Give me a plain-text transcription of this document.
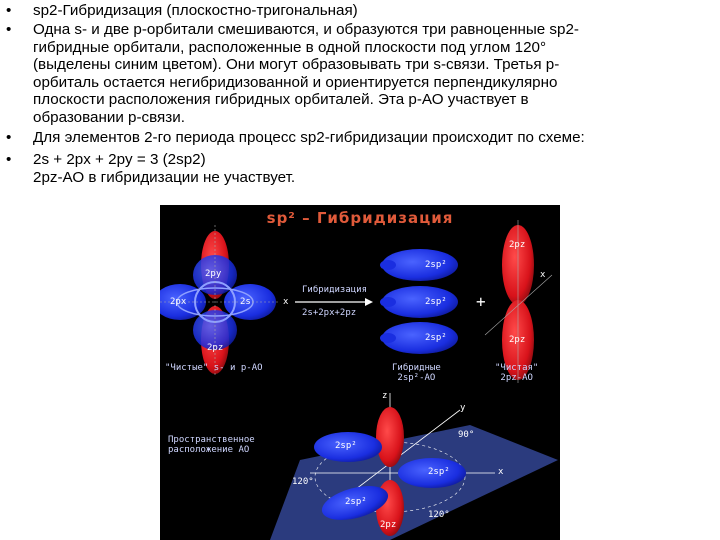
• sp2-Гибридизация (плоскостно-тригональная)
• Одна s- и две p-орбитали смешиваются, и образуются три равноценные sp2-
гибридные орбитали, расположенные в одной плоскости под углом 120°
(выделены синим цветом). Они могут образовывать три s-связи. Третья p-
орбиталь остается негибридизованной и ориентируется перпендикулярно
плоскости расположения гибридных орбиталей. Эта p-АО участвует в
образовании p-связи.
• Для элементов 2-го периода процесс sp2-гибридизации происходит по схеме:
• 2s + 2px + 2py = 3 (2sp2)
2pz-АО в гибридизации не участвует.
+
sp² – Гибридизация
2py
2px	2s
2pz
x
Гибридизация
2s+2px+2pz
2sp²
2sp²
2sp²
2pz
2pz
x
"Чистые" s- и p-АО	Гибридные
2sp²-АО
"Чистая"
2pz-АО
Пространственное
расположение АО	2sp²
2sp²
2sp²
2pz
90°
120°
120°
z
y
x
